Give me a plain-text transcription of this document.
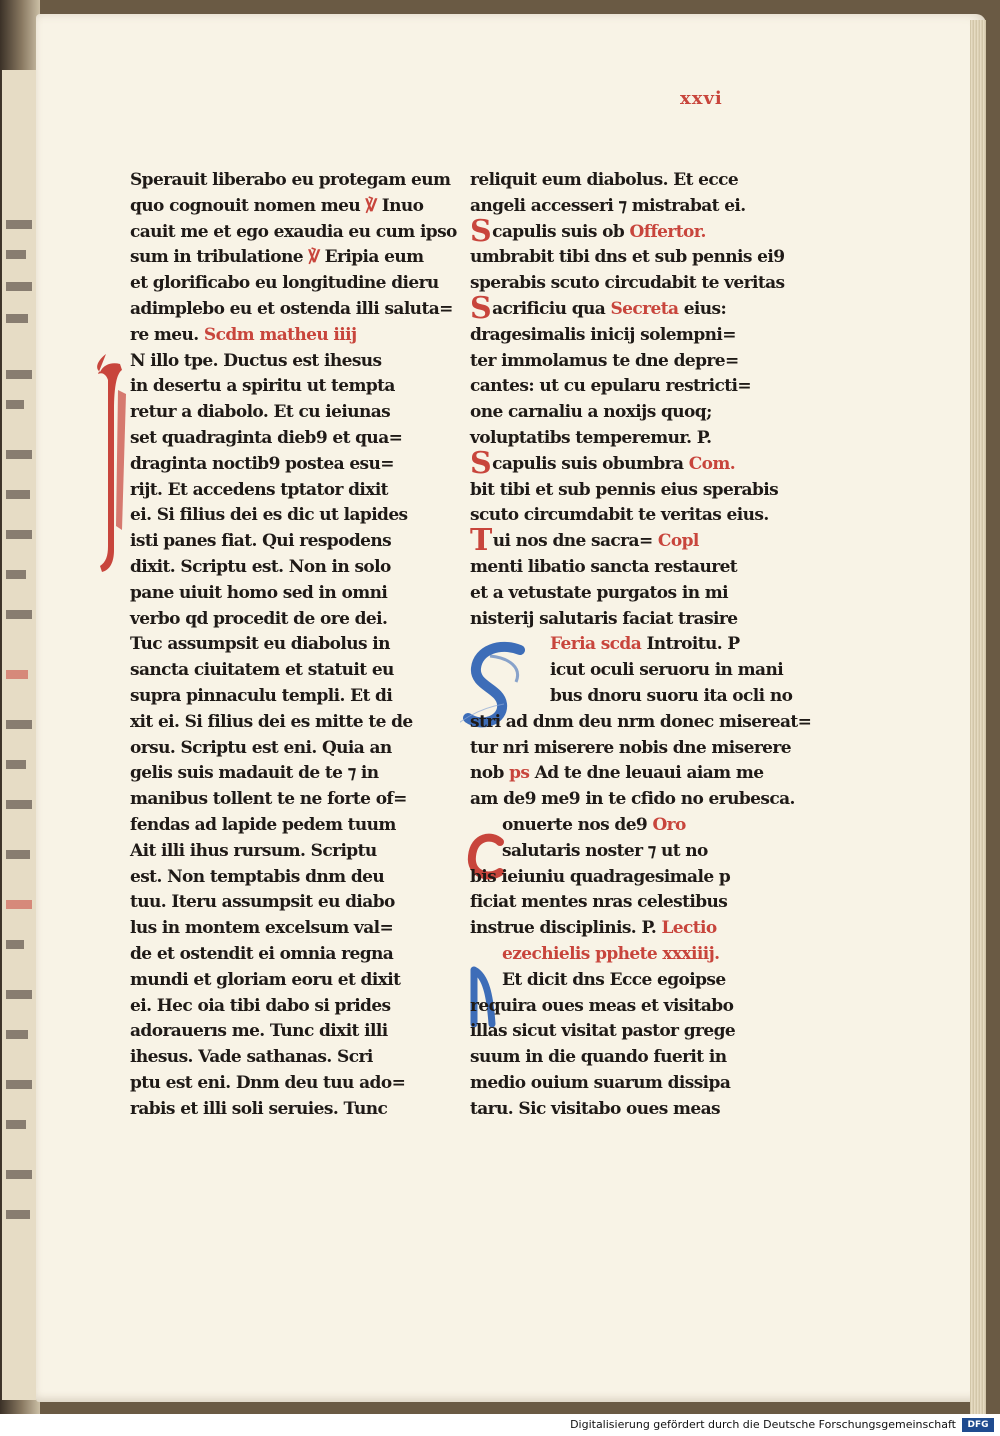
xxvi
Sperauit liberabo eu protegam eum
quo cognouit nomen meu ℣ Inuo
cauit me et ego exaudia eu cum ipso
sum in tribulatione ℣ Eripia eum
et glorificabo eu longitudine dieru
adimplebo eu et ostenda illi saluta=
re meu. Scdm matheu iiij
N illo tpe. Ductus est ihesus
in desertu a spiritu ut tempta
retur a diabolo. Et cu ieiunas
set quadraginta dieb9 et qua=
draginta noctib9 postea esu=
rijt. Et accedens tptator dixit
ei. Si filius dei es dic ut lapides
isti panes fiat. Qui respodens
dixit. Scriptu est. Non in solo
pane uiuit homo sed in omni
verbo qd procedit de ore dei.
Tuc assumpsit eu diabolus in
sancta ciuitatem et statuit eu
supra pinnaculu templi. Et di
xit ei. Si filius dei es mitte te de
orsu. Scriptu est eni. Quia an
gelis suis madauit de te ⁊ in
manibus tollent te ne forte of=
fendas ad lapide pedem tuum
Ait illi ihus rursum. Scriptu
est. Non temptabis dnm deu
tuu. Iteru assumpsit eu diabo
lus in montem excelsum val=
de et ostendit ei omnia regna
mundi et gloriam eoru et dixit
ei. Hec oia tibi dabo si prides
adorauerıs me. Tunc dixit illi
ihesus. Vade sathanas. Scri
ptu est eni. Dnm deu tuu ado=
rabis et illi soli seruies. Tunc
reliquit eum diabolus. Et ecce
angeli accesseri ⁊ mistrabat ei.
Scapulis suis ob Offertor.
umbrabit tibi dns et sub pennis ei9
sperabis scuto circudabit te veritas
Sacrificiu qua Secreta eius:
dragesimalis inicij solempni=
ter immolamus te dne depre=
cantes: ut cu epularu restricti=
one carnaliu a noxijs quoq;
voluptatibs temperemur. P.
Scapulis suis obumbra Com.
bit tibi et sub pennis eius sperabis
scuto circumdabit te veritas eius.
Tui nos dne sacra= Copl
menti libatio sancta restauret
et a vetustate purgatos in mi
nisterij salutaris faciat trasire
Feria scda Introitu. P
icut oculi seruoru in mani
bus dnoru suoru ita ocli no
stri ad dnm deu nrm donec misereat=
tur nri miserere nobis dne miserere
nob ps Ad te dne leuaui aiam me
am de9 me9 in te cfido no erubesca.
onuerte nos de9 Oro
salutaris noster ⁊ ut no
bis ieiuniu quadragesimale p
ficiat mentes nras celestibus
instrue disciplinis. P. Lectio
ezechielis pphete xxxiiij.
Et dicit dns Ecce egoipse
requira oues meas et visitabo
illas sicut visitat pastor grege
suum in die quando fuerit in
medio ouium suarum dissipa
taru. Sic visitabo oues meas
Digitalisierung gefördert durch die Deutsche Forschungsgemeinschaft	DFG
